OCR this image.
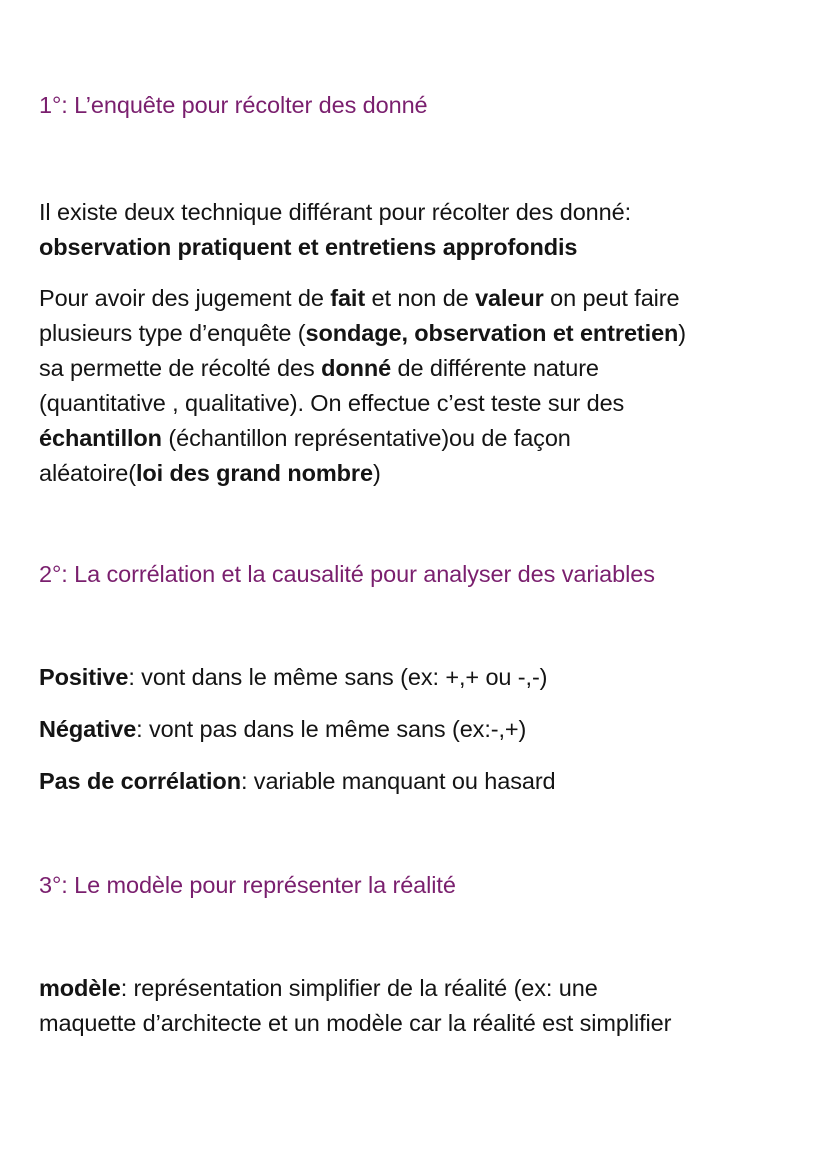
1°: L’enquête pour récolter des donné
Il existe deux technique différant pour récolter des donné:
observation pratiquent et entretiens approfondis
Pour avoir des jugement de fait et non de valeur on peut faire
plusieurs type d’enquête (sondage, observation et entretien)
sa permette de récolté des donné de différente nature
(quantitative , qualitative). On effectue c’est teste sur des
échantillon (échantillon représentative)ou de façon
aléatoire(loi des grand nombre)
2°: La corrélation et la causalité pour analyser des variables
Positive: vont dans le même sans (ex: +,+ ou -,-)
Négative: vont pas dans le même sans (ex:-,+)
Pas de corrélation: variable manquant ou hasard
3°: Le modèle pour représenter la réalité
modèle: représentation simplifier de la réalité (ex: une
maquette d’architecte et un modèle car la réalité est simplifier
